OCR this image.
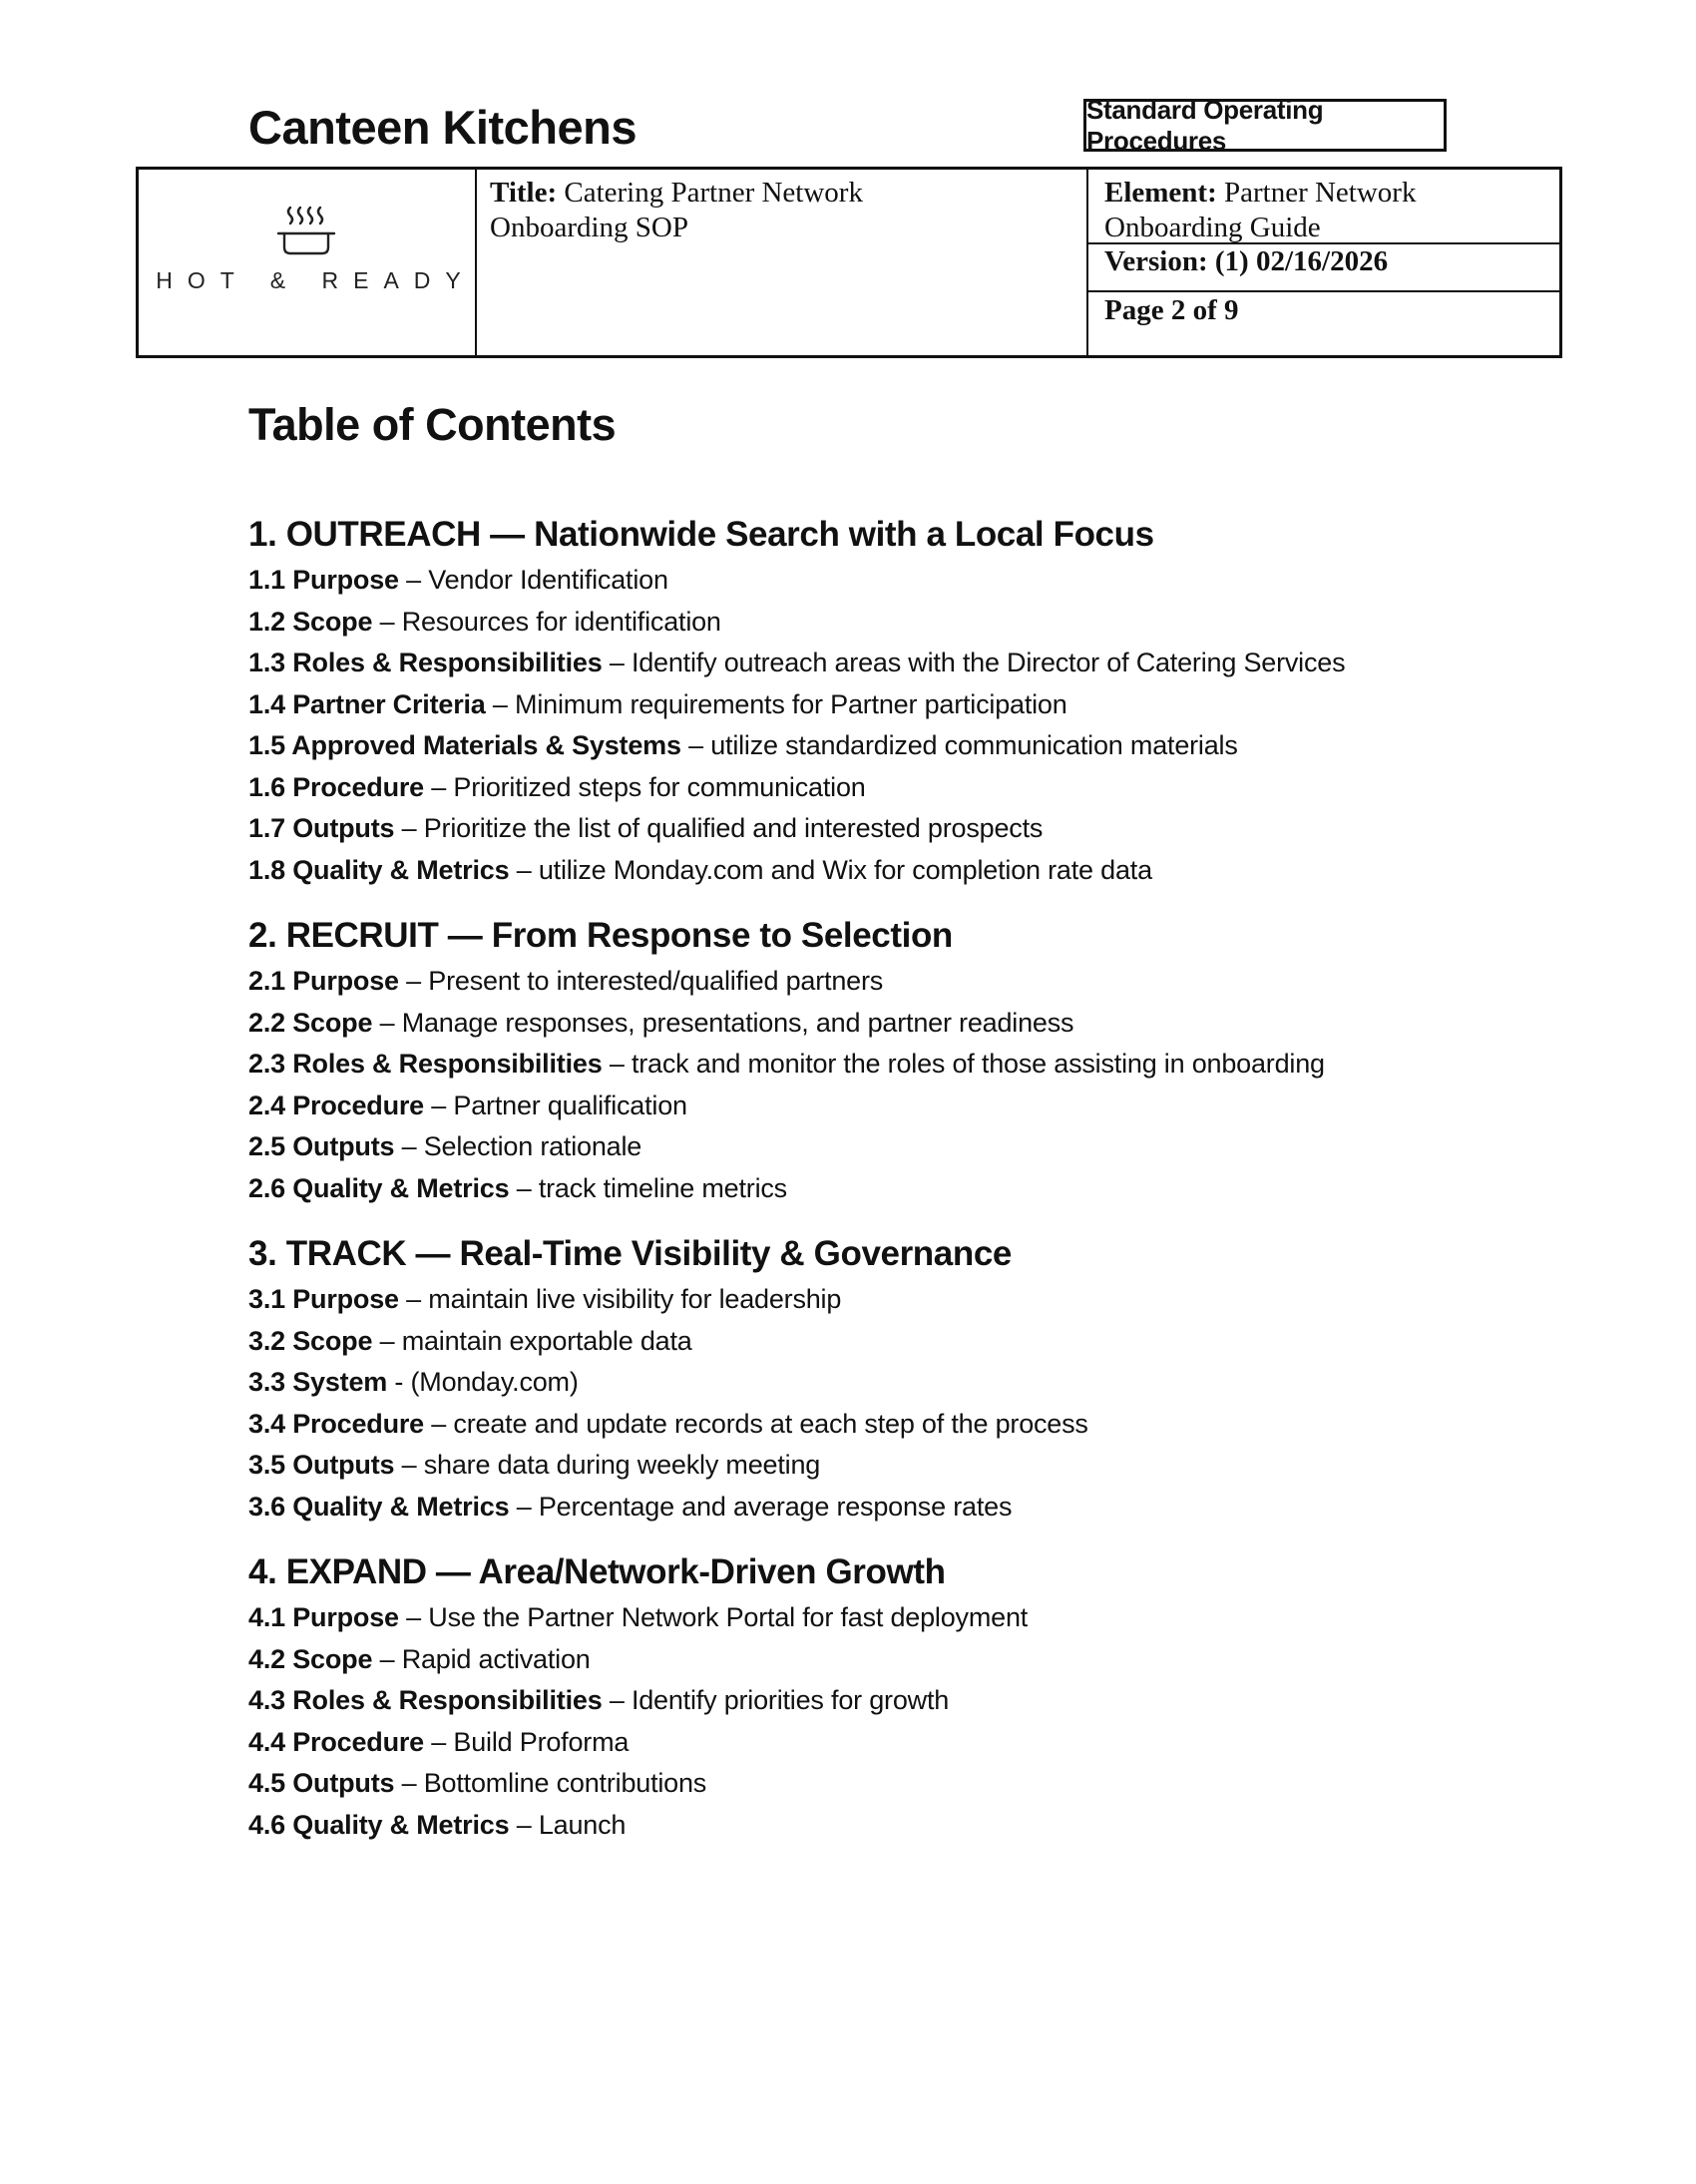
Canteen Kitchens	Standard Operating Procedures
HOT & READY
Title: Catering Partner Network Onboarding SOP
Element: Partner Network Onboarding Guide
Version: (1) 02/16/2026
Page 2 of 9
Table of Contents
1. OUTREACH — Nationwide Search with a Local Focus
1.1 Purpose – Vendor Identification
1.2 Scope – Resources for identification
1.3 Roles & Responsibilities – Identify outreach areas with the Director of Catering Services
1.4 Partner Criteria – Minimum requirements for Partner participation
1.5 Approved Materials & Systems – utilize standardized communication materials
1.6 Procedure – Prioritized steps for communication
1.7 Outputs – Prioritize the list of qualified and interested prospects
1.8 Quality & Metrics – utilize Monday.com and Wix for completion rate data
2. RECRUIT — From Response to Selection
2.1 Purpose – Present to interested/qualified partners
2.2 Scope – Manage responses, presentations, and partner readiness
2.3 Roles & Responsibilities – track and monitor the roles of those assisting in onboarding
2.4 Procedure – Partner qualification
2.5 Outputs – Selection rationale
2.6 Quality & Metrics – track timeline metrics
3. TRACK — Real-Time Visibility & Governance
3.1 Purpose – maintain live visibility for leadership
3.2 Scope – maintain exportable data
3.3 System - (Monday.com)
3.4 Procedure – create and update records at each step of the process
3.5 Outputs – share data during weekly meeting
3.6 Quality & Metrics – Percentage and average response rates
4. EXPAND — Area/Network-Driven Growth
4.1 Purpose – Use the Partner Network Portal for fast deployment
4.2 Scope – Rapid activation
4.3 Roles & Responsibilities – Identify priorities for growth
4.4 Procedure – Build Proforma
4.5 Outputs – Bottomline contributions
4.6 Quality & Metrics – Launch
